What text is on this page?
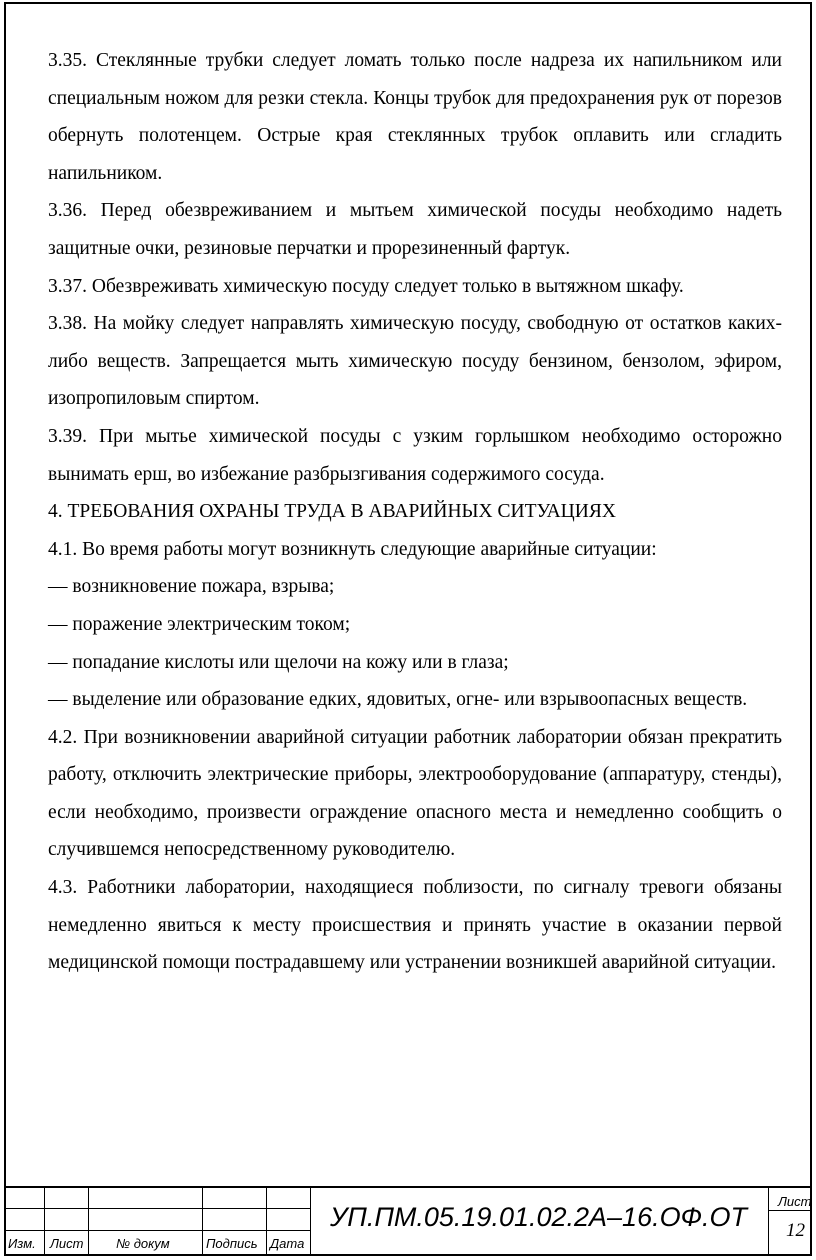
3.35. Стеклянные трубки следует ломать только после надреза их напильником или специальным ножом для резки стекла. Концы трубок для предохранения рук от порезов обернуть полотенцем. Острые края стеклянных трубок оплавить или сгладить напильником.

3.36. Перед обезвреживанием и мытьем химической посуды необходимо надеть защитные очки, резиновые перчатки и прорезиненный фартук.

3.37. Обезвреживать химическую посуду следует только в вытяжном шкафу.

3.38. На мойку следует направлять химическую посуду, свободную от остатков каких-либо веществ. Запрещается мыть химическую посуду бензином, бензолом, эфиром, изопропиловым спиртом.

3.39. При мытье химической посуды с узким горлышком необходимо осторожно вынимать ерш, во избежание разбрызгивания содержимого сосуда.

4. ТРЕБОВАНИЯ ОХРАНЫ ТРУДА В АВАРИЙНЫХ СИТУАЦИЯХ

4.1. Во время работы могут возникнуть следующие аварийные ситуации:

— возникновение пожара, взрыва;

— поражение электрическим током;

— попадание кислоты или щелочи на кожу или в глаза;

— выделение или образование едких, ядовитых, огне- или взрывоопасных веществ.

4.2. При возникновении аварийной ситуации работник лаборатории обязан прекратить работу, отключить электрические приборы, электрооборудование (аппаратуру, стенды), если необходимо, произвести ограждение опасного места и немедленно сообщить о случившемся непосредственному руководителю.

4.3. Работники лаборатории, находящиеся поблизости, по сигналу тревоги обязаны немедленно явиться к месту происшествия и принять участие в оказании первой медицинской помощи пострадавшему или устранении возникшей аварийной ситуации.

Изм. Лист	№ докум	Подпись Дата
УП.ПМ.05.19.01.02.2А–16.ОФ.ОТ
Лист
12
